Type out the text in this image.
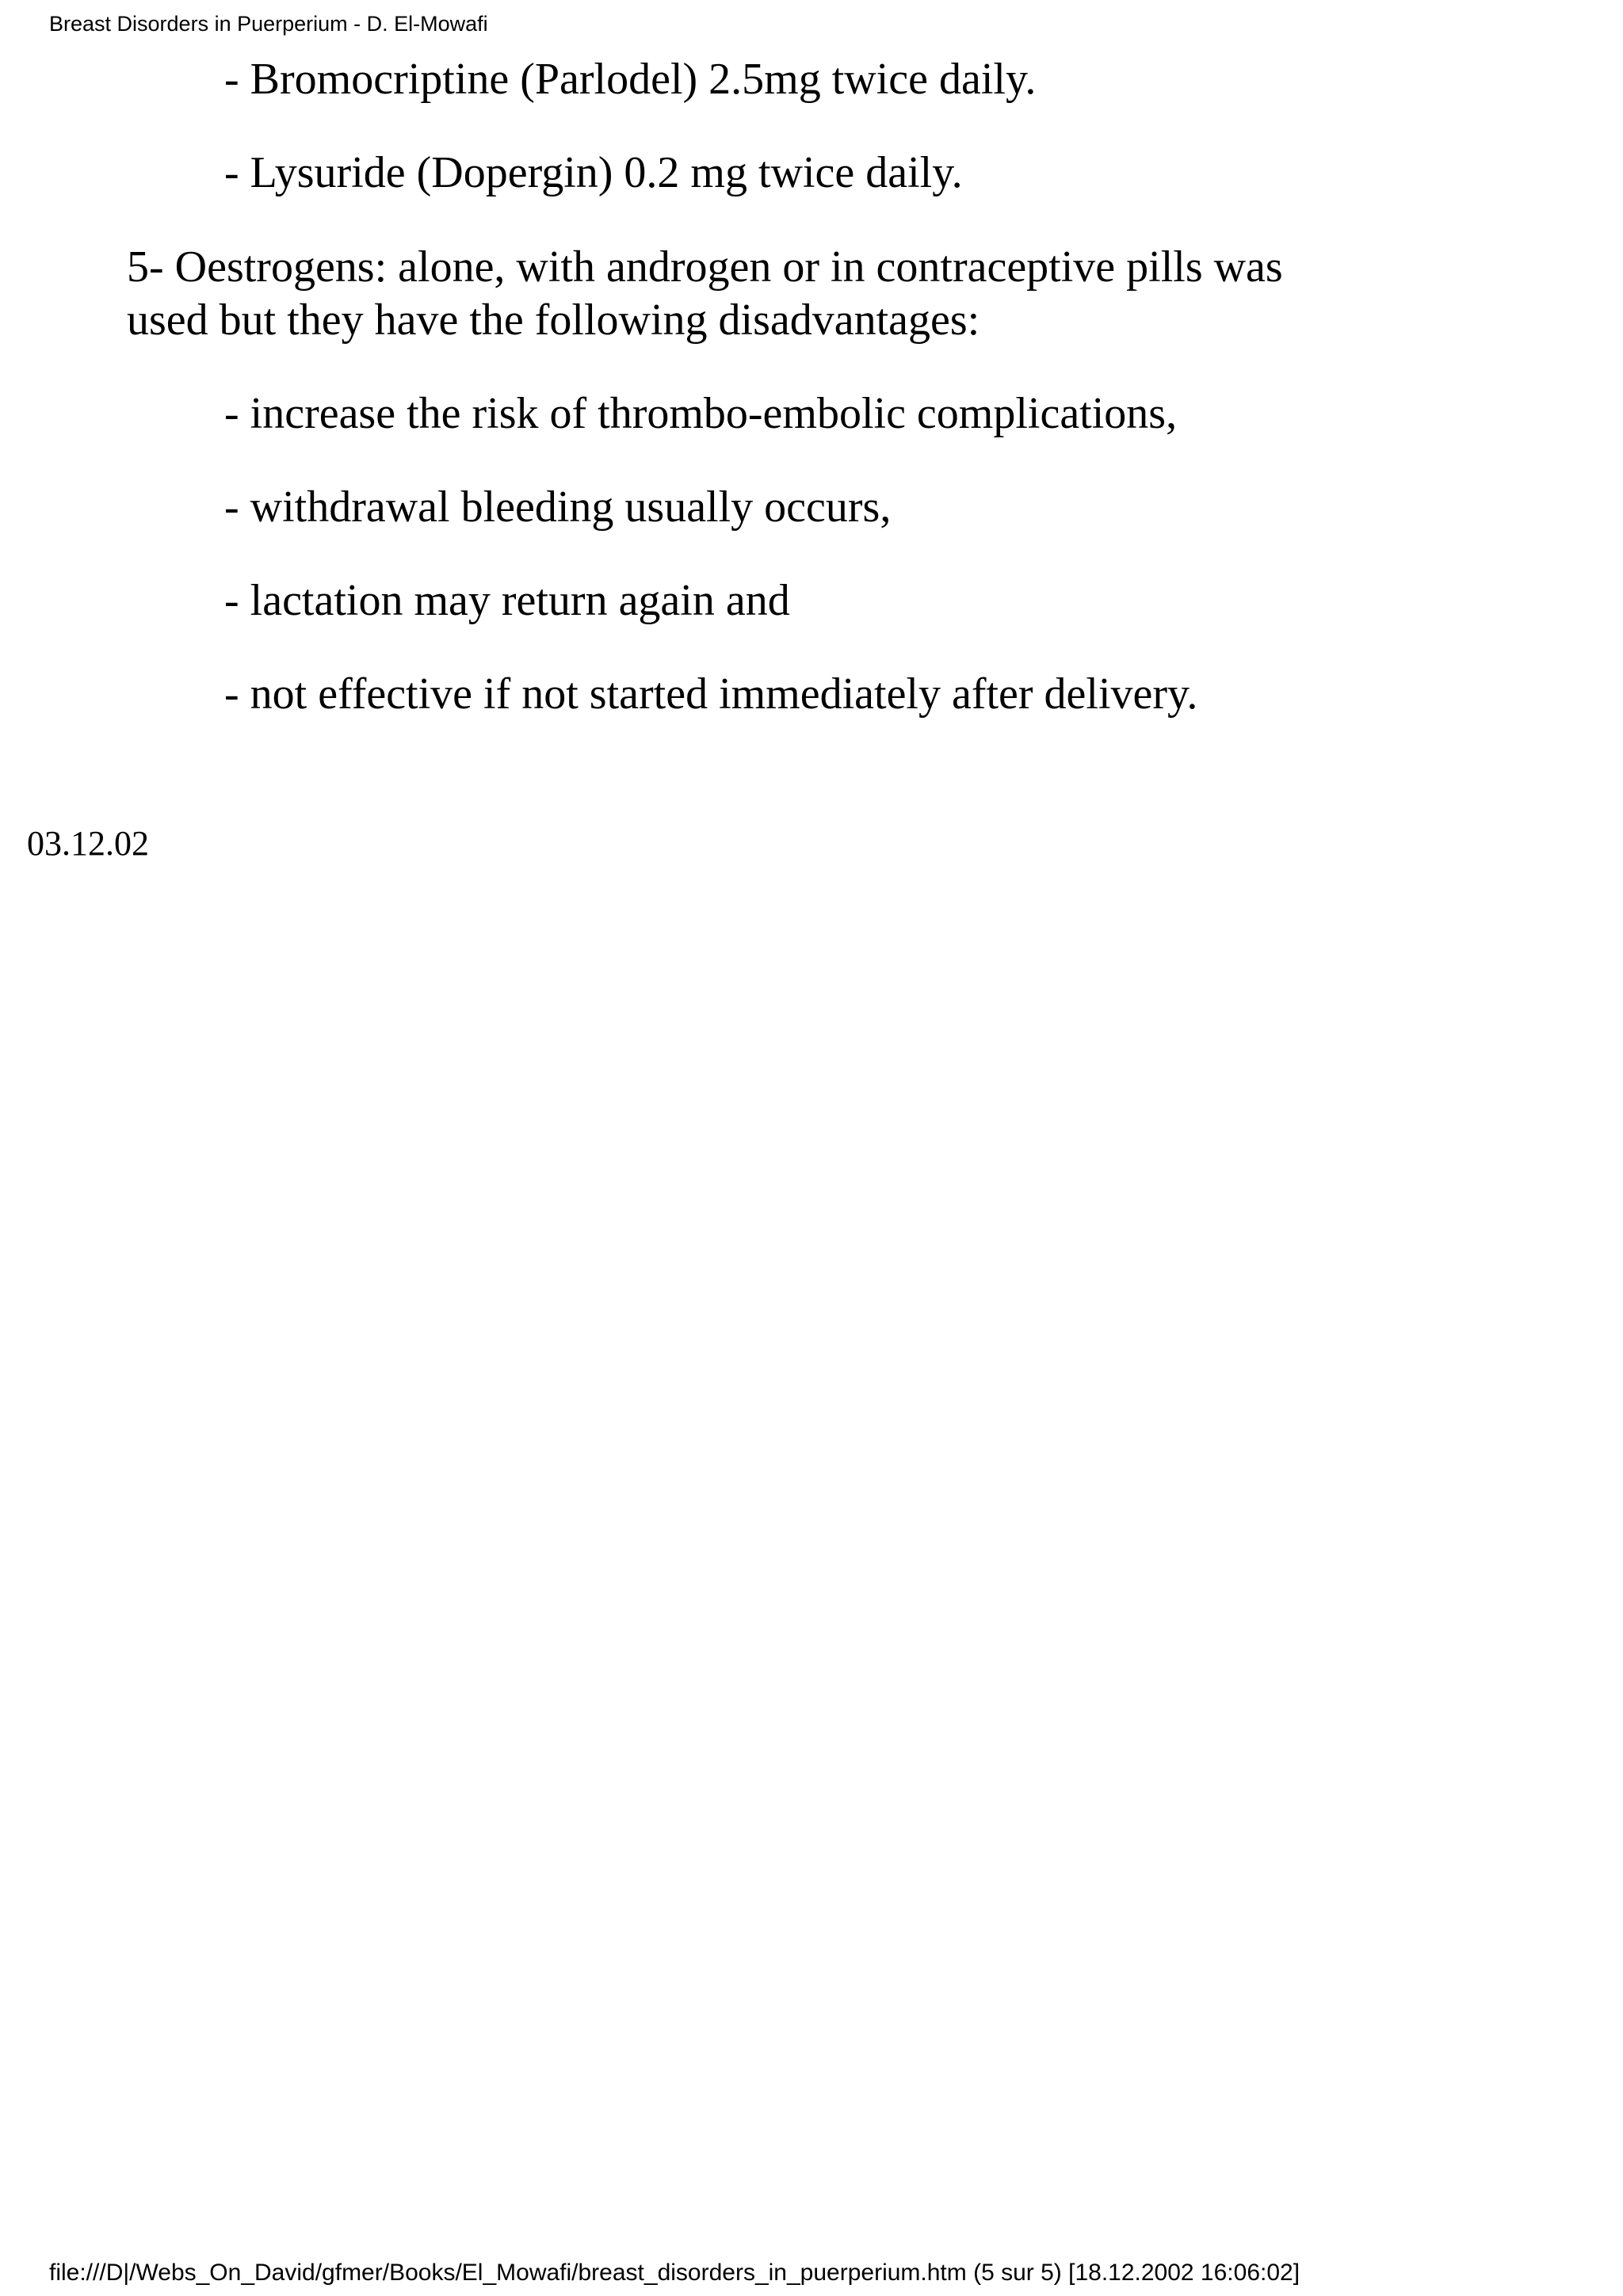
Breast Disorders in Puerperium - D. El-Mowafi
- Bromocriptine (Parlodel) 2.5mg twice daily.
- Lysuride (Dopergin) 0.2 mg twice daily.
5- Oestrogens: alone, with androgen or in contraceptive pills was
used but they have the following disadvantages:
- increase the risk of thrombo-embolic complications,
- withdrawal bleeding usually occurs,
- lactation may return again and
- not effective if not started immediately after delivery.
03.12.02
file:///D|/Webs_On_David/gfmer/Books/El_Mowafi/breast_disorders_in_puerperium.htm (5 sur 5) [18.12.2002 16:06:02]
